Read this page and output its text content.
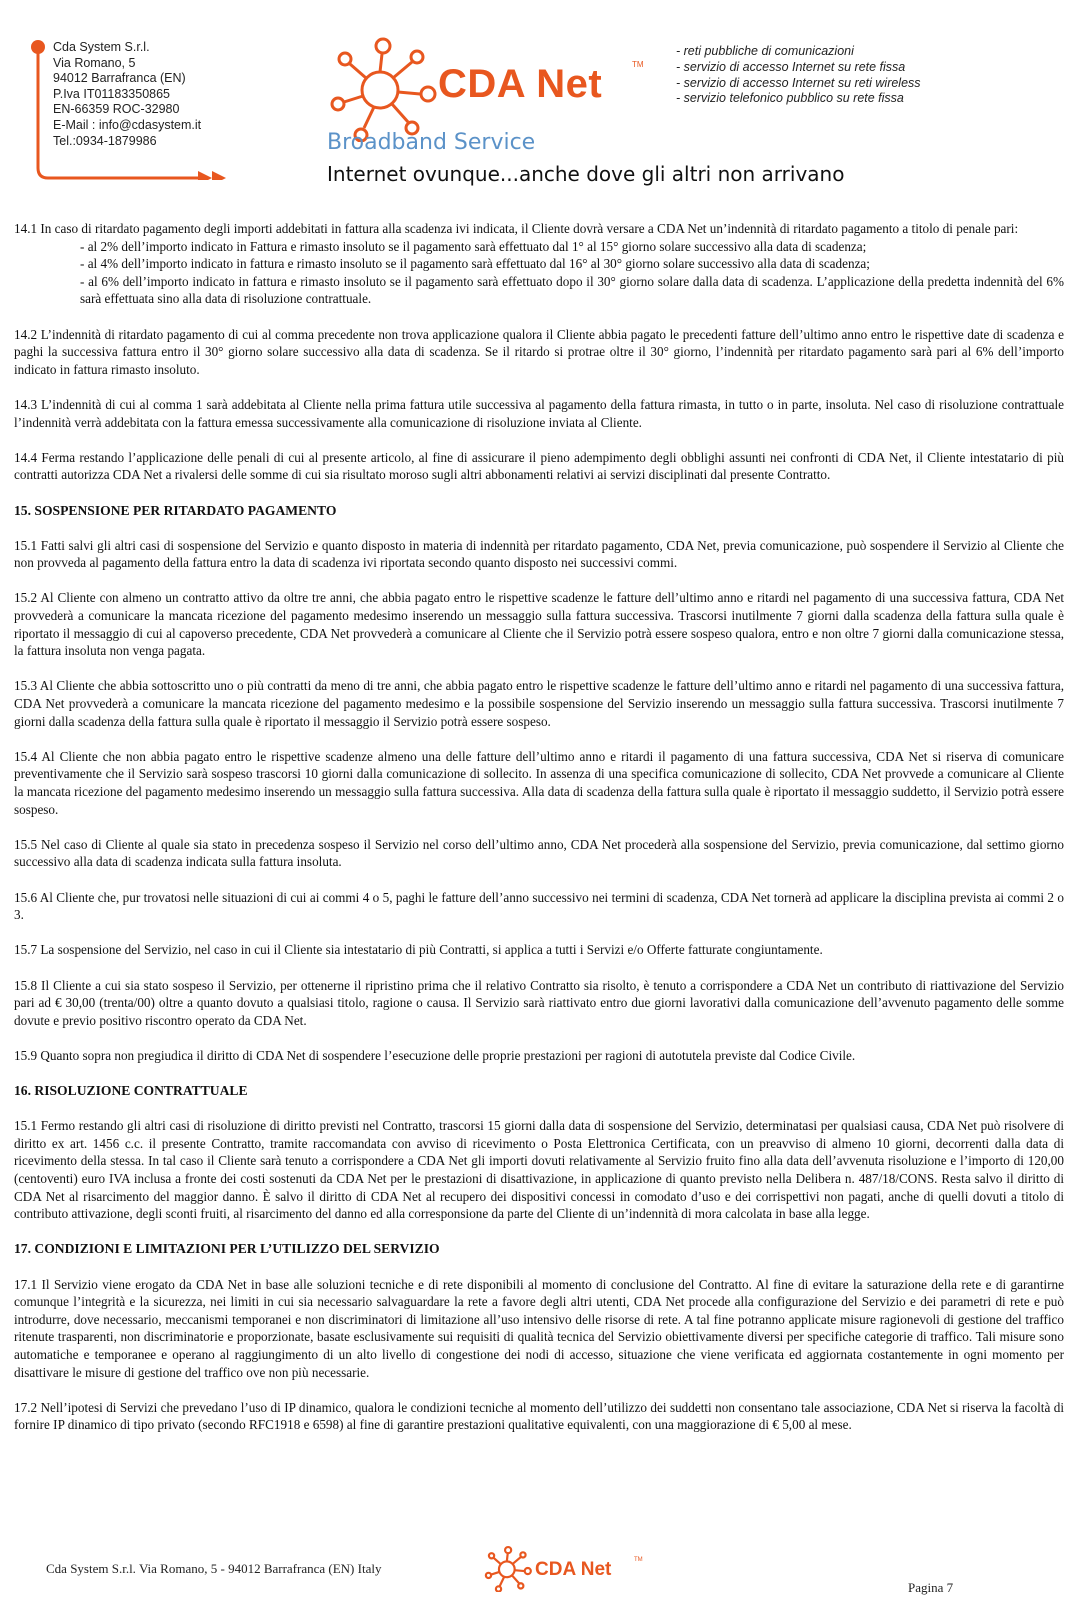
Cda System S.r.l.
Via Romano, 5
94012 Barrafranca (EN)
P.Iva IT01183350865
EN-66359 ROC-32980
E-Mail : info@cdasystem.it
Tel.:0934-1879986
CDA Net	TM
Broadband Service
Internet ovunque...anche dove gli altri non arrivano
- reti pubbliche di comunicazioni
- servizio di accesso Internet su rete fissa
- servizio di accesso Internet su reti wireless
- servizio telefonico pubblico su rete fissa

14.1 In caso di ritardato pagamento degli importi addebitati in fattura alla scadenza ivi indicata, il Cliente dovrà versare a CDA Net un’indennità di ritardato pagamento a titolo di penale pari:

- al 2% dell’importo indicato in Fattura e rimasto insoluto se il pagamento sarà effettuato dal 1° al 15° giorno solare successivo alla data di scadenza;
- al 4% dell’importo indicato in fattura e rimasto insoluto se il pagamento sarà effettuato dal 16° al 30° giorno solare successivo alla data di scadenza;
- al 6% dell’importo indicato in fattura e rimasto insoluto se il pagamento sarà effettuato dopo il 30° giorno solare dalla data di scadenza. L’applicazione della predetta indennità del 6% sarà effettuata sino alla data di risoluzione contrattuale.

14.2 L’indennità di ritardato pagamento di cui al comma precedente non trova applicazione qualora il Cliente abbia pagato le precedenti fatture dell’ultimo anno entro le rispettive date di scadenza e paghi la successiva fattura entro il 30° giorno solare successivo alla data di scadenza. Se il ritardo si protrae oltre il 30° giorno, l’indennità per ritardato pagamento sarà pari al 6% dell’importo indicato in fattura rimasto insoluto.

14.3 L’indennità di cui al comma 1 sarà addebitata al Cliente nella prima fattura utile successiva al pagamento della fattura rimasta, in tutto o in parte, insoluta. Nel caso di risoluzione contrattuale l’indennità verrà addebitata con la fattura emessa successivamente alla comunicazione di risoluzione inviata al Cliente.

14.4 Ferma restando l’applicazione delle penali di cui al presente articolo, al fine di assicurare il pieno adempimento degli obblighi assunti nei confronti di CDA Net, il Cliente intestatario di più contratti autorizza CDA Net a rivalersi delle somme di cui sia risultato moroso sugli altri abbonamenti relativi ai servizi disciplinati dal presente Contratto.

15. SOSPENSIONE PER RITARDATO PAGAMENTO

15.1 Fatti salvi gli altri casi di sospensione del Servizio e quanto disposto in materia di indennità per ritardato pagamento, CDA Net, previa comunicazione, può sospendere il Servizio al Cliente che non provveda al pagamento della fattura entro la data di scadenza ivi riportata secondo quanto disposto nei successivi commi.

15.2 Al Cliente con almeno un contratto attivo da oltre tre anni, che abbia pagato entro le rispettive scadenze le fatture dell’ultimo anno e ritardi nel pagamento di una successiva fattura, CDA Net provvederà a comunicare la mancata ricezione del pagamento medesimo inserendo un messaggio sulla fattura successiva. Trascorsi inutilmente 7 giorni dalla scadenza della fattura sulla quale è riportato il messaggio di cui al capoverso precedente, CDA Net provvederà a comunicare al Cliente che il Servizio potrà essere sospeso qualora, entro e non oltre 7 giorni dalla comunicazione stessa, la fattura insoluta non venga pagata.

15.3 Al Cliente che abbia sottoscritto uno o più contratti da meno di tre anni, che abbia pagato entro le rispettive scadenze le fatture dell’ultimo anno e ritardi nel pagamento di una successiva fattura, CDA Net provvederà a comunicare la mancata ricezione del pagamento medesimo e la possibile sospensione del Servizio inserendo un messaggio sulla fattura successiva. Trascorsi inutilmente 7 giorni dalla scadenza della fattura sulla quale è riportato il messaggio il Servizio potrà essere sospeso.

15.4 Al Cliente che non abbia pagato entro le rispettive scadenze almeno una delle fatture dell’ultimo anno e ritardi il pagamento di una fattura successiva, CDA Net si riserva di comunicare preventivamente che il Servizio sarà sospeso trascorsi 10 giorni dalla comunicazione di sollecito. In assenza di una specifica comunicazione di sollecito, CDA Net provvede a comunicare al Cliente la mancata ricezione del pagamento medesimo inserendo un messaggio sulla fattura successiva. Alla data di scadenza della fattura sulla quale è riportato il messaggio suddetto, il Servizio potrà essere sospeso.

15.5 Nel caso di Cliente al quale sia stato in precedenza sospeso il Servizio nel corso dell’ultimo anno, CDA Net procederà alla sospensione del Servizio, previa comunicazione, dal settimo giorno successivo alla data di scadenza indicata sulla fattura insoluta.

15.6 Al Cliente che, pur trovatosi nelle situazioni di cui ai commi 4 o 5, paghi le fatture dell’anno successivo nei termini di scadenza, CDA Net tornerà ad applicare la disciplina prevista ai commi 2 o 3.

15.7 La sospensione del Servizio, nel caso in cui il Cliente sia intestatario di più Contratti, si applica a tutti i Servizi e/o Offerte fatturate congiuntamente.

15.8 Il Cliente a cui sia stato sospeso il Servizio, per ottenerne il ripristino prima che il relativo Contratto sia risolto, è tenuto a corrispondere a CDA Net un contributo di riattivazione del Servizio pari ad € 30,00 (trenta/00) oltre a quanto dovuto a qualsiasi titolo, ragione o causa. Il Servizio sarà riattivato entro due giorni lavorativi dalla comunicazione dell’avvenuto pagamento delle somme dovute e previo positivo riscontro operato da CDA Net.

15.9 Quanto sopra non pregiudica il diritto di CDA Net di sospendere l’esecuzione delle proprie prestazioni per ragioni di autotutela previste dal Codice Civile.

16. RISOLUZIONE CONTRATTUALE

15.1 Fermo restando gli altri casi di risoluzione di diritto previsti nel Contratto, trascorsi 15 giorni dalla data di sospensione del Servizio, determinatasi per qualsiasi causa, CDA Net può risolvere di diritto ex art. 1456 c.c. il presente Contratto, tramite raccomandata con avviso di ricevimento o Posta Elettronica Certificata, con un preavviso di almeno 10 giorni, decorrenti dalla data di ricevimento della stessa. In tal caso il Cliente sarà tenuto a corrispondere a CDA Net gli importi dovuti relativamente al Servizio fruito fino alla data dell’avvenuta risoluzione e l’importo di 120,00 (centoventi) euro IVA inclusa a fronte dei costi sostenuti da CDA Net per le prestazioni di disattivazione, in applicazione di quanto previsto nella Delibera n. 487/18/CONS. Resta salvo il diritto di CDA Net al risarcimento del maggior danno. È salvo il diritto di CDA Net al recupero dei dispositivi concessi in comodato d’uso e dei corrispettivi non pagati, anche di quelli dovuti a titolo di contributo attivazione, degli sconti fruiti, al risarcimento del danno ed alla corresponsione da parte del Cliente di un’indennità di mora calcolata in base alla legge.

17. CONDIZIONI E LIMITAZIONI PER L’UTILIZZO DEL SERVIZIO

17.1 Il Servizio viene erogato da CDA Net in base alle soluzioni tecniche e di rete disponibili al momento di conclusione del Contratto. Al fine di evitare la saturazione della rete e di garantirne comunque l’integrità e la sicurezza, nei limiti in cui sia necessario salvaguardare la rete a favore degli altri utenti, CDA Net procede alla configurazione del Servizio e dei parametri di rete e può introdurre, dove necessario, meccanismi temporanei e non discriminatori di limitazione all’uso intensivo delle risorse di rete. A tal fine potranno applicate misure ragionevoli di gestione del traffico ritenute trasparenti, non discriminatorie e proporzionate, basate esclusivamente sui requisiti di qualità tecnica del Servizio obiettivamente diversi per specifiche categorie di traffico. Tali misure sono automatiche e temporanee e operano al raggiungimento di un alto livello di congestione dei nodi di accesso, situazione che viene verificata ed aggiornata costantemente in ogni momento per disattivare le misure di gestione del traffico ove non più necessarie.

17.2 Nell’ipotesi di Servizi che prevedano l’uso di IP dinamico, qualora le condizioni tecniche al momento dell’utilizzo dei suddetti non consentano tale associazione, CDA Net si riserva la facoltà di fornire IP dinamico di tipo privato (secondo RFC1918 e 6598) al fine di garantire prestazioni qualitative equivalenti, con una maggiorazione di € 5,00 al mese.

Cda System S.r.l. Via Romano, 5 - 94012 Barrafranca (EN) Italy	CDA Net	TM
Pagina 7
